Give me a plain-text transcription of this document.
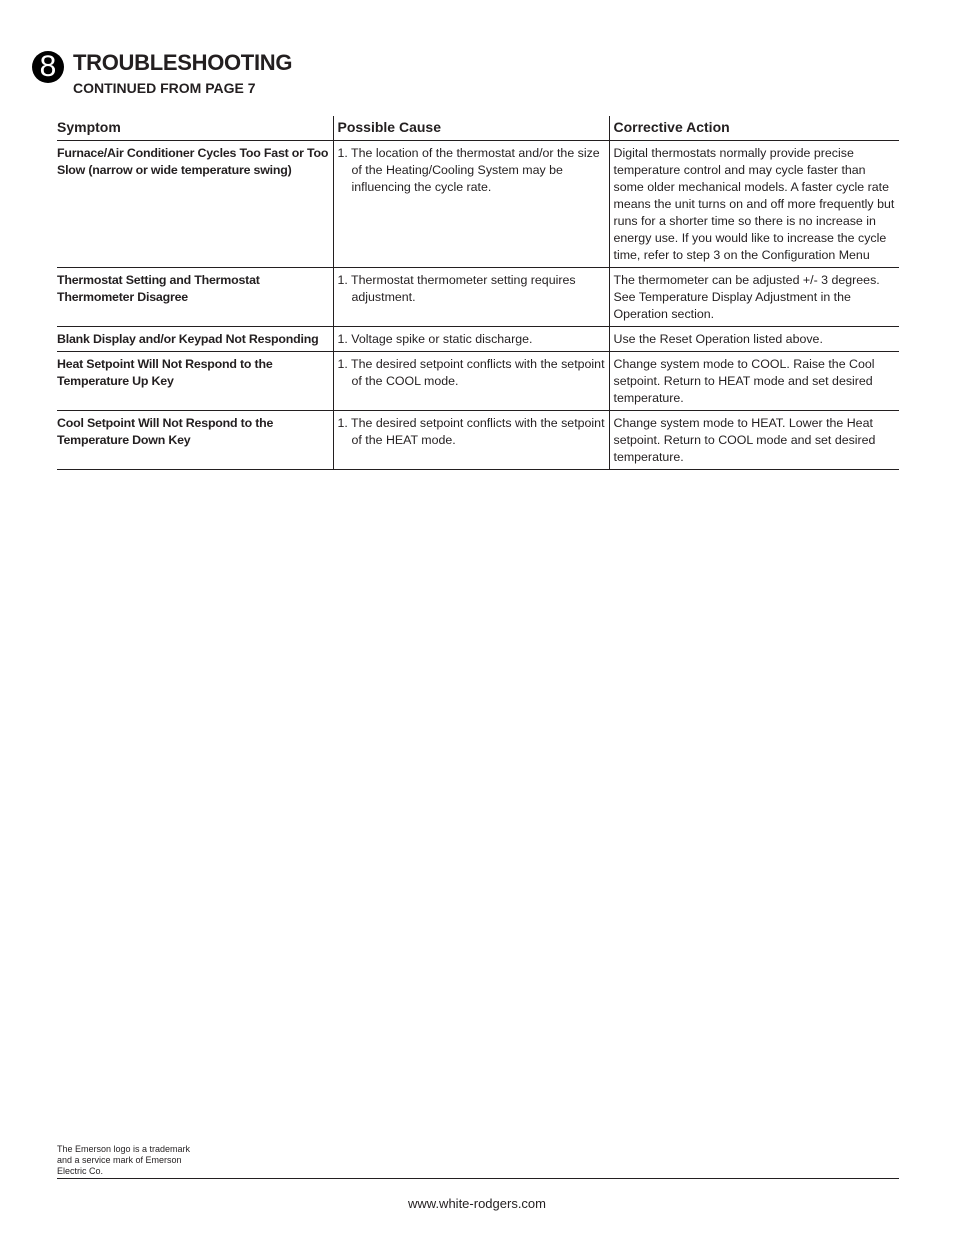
8 TROUBLESHOOTING
CONTINUED FROM PAGE 7
Symptom	Possible Cause	Corrective Action
Furnace/Air Conditioner Cycles Too Fast or Too Slow (narrow or wide temperature swing)	1. The location of the thermostat and/or the size of the Heating/Cooling System may be influencing the cycle rate.	Digital thermostats normally provide precise temperature control and may cycle faster than some older mechanical models. A faster cycle rate means the unit turns on and off more frequently but runs for a shorter time so there is no increase in energy use. If you would like to increase the cycle time, refer to step 3 on the Configuration Menu
Thermostat Setting and Thermostat Thermometer Disagree	1. Thermostat thermometer setting requires adjustment.	The thermometer can be adjusted +/- 3 degrees. See Temperature Display Adjustment in the Operation section.
Blank Display and/or Keypad Not Responding	1. Voltage spike or static discharge.	Use the Reset Operation listed above.
Heat Setpoint Will Not Respond to the Temperature Up Key	1. The desired setpoint conflicts with the setpoint of the COOL mode.	Change system mode to COOL. Raise the Cool setpoint. Return to HEAT mode and set desired temperature.
Cool Setpoint Will Not Respond to the Temperature Down Key	1. The desired setpoint conflicts with the setpoint of the HEAT mode.	Change system mode to HEAT. Lower the Heat setpoint. Return to COOL mode and set desired temperature.
The Emerson logo is a trademark and a service mark of Emerson Electric Co.
www.white-rodgers.com
